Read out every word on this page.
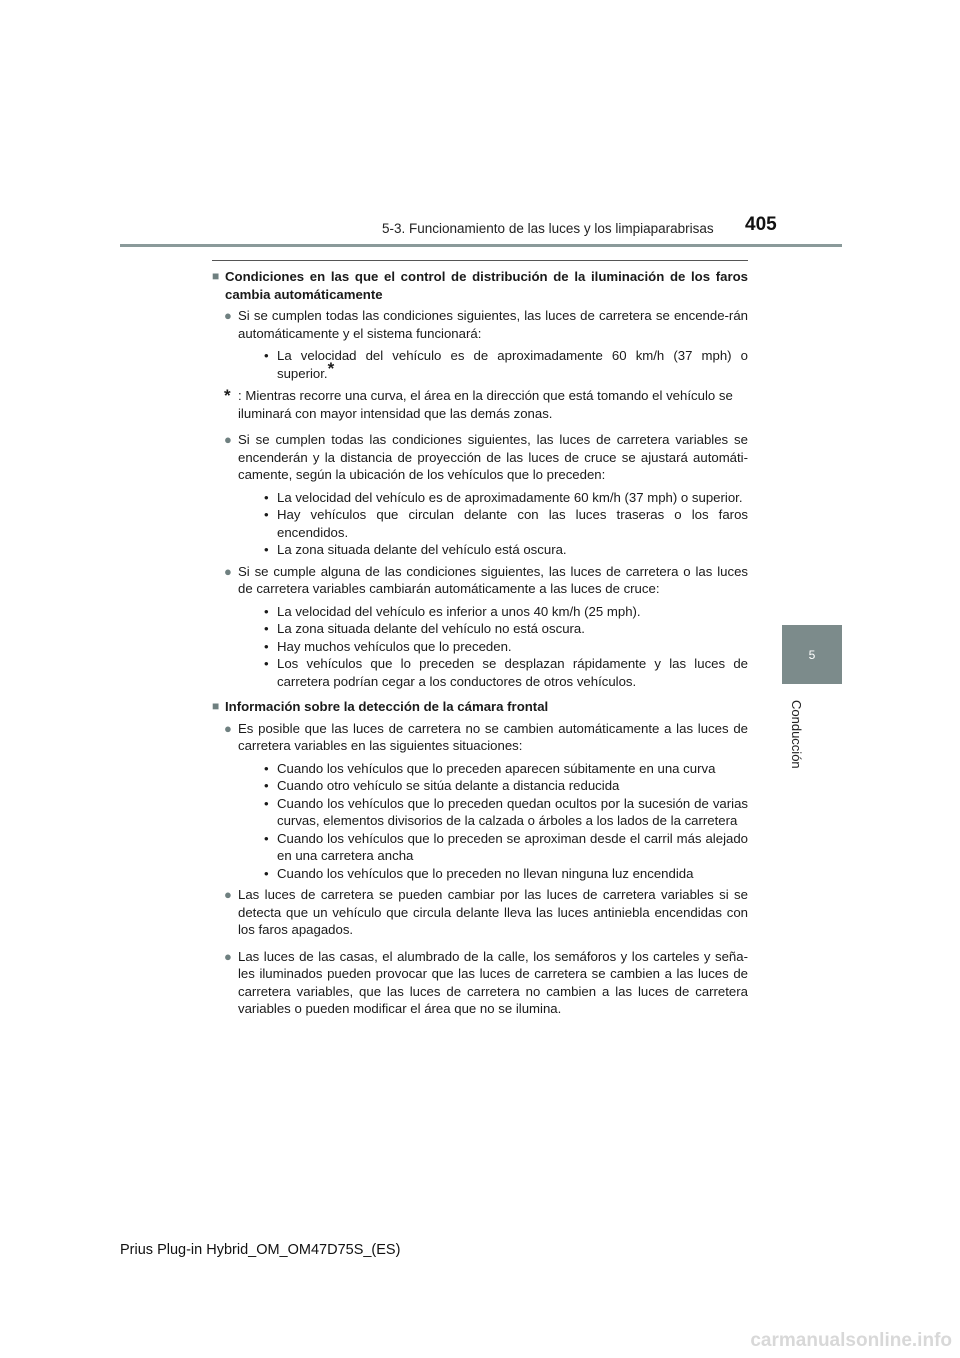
5-3. Funcionamiento de las luces y los limpiaparabrisas 405
5
Conducción
■ Condiciones en las que el control de distribución de la iluminación de los faros cambia automáticamente
● Si se cumplen todas las condiciones siguientes, las luces de carretera se encende-rán automáticamente y el sistema funcionará:
• La velocidad del vehículo es de aproximadamente 60 km/h (37 mph) o superior.*
* : Mientras recorre una curva, el área en la dirección que está tomando el vehículo se iluminará con mayor intensidad que las demás zonas.
● Si se cumplen todas las condiciones siguientes, las luces de carretera variables se encenderán y la distancia de proyección de las luces de cruce se ajustará automáti-camente, según la ubicación de los vehículos que lo preceden:
• La velocidad del vehículo es de aproximadamente 60 km/h (37 mph) o superior.
• Hay vehículos que circulan delante con las luces traseras o los faros encendidos.
• La zona situada delante del vehículo está oscura.
● Si se cumple alguna de las condiciones siguientes, las luces de carretera o las luces de carretera variables cambiarán automáticamente a las luces de cruce:
• La velocidad del vehículo es inferior a unos 40 km/h (25 mph).
• La zona situada delante del vehículo no está oscura.
• Hay muchos vehículos que lo preceden.
• Los vehículos que lo preceden se desplazan rápidamente y las luces de carretera podrían cegar a los conductores de otros vehículos.
■ Información sobre la detección de la cámara frontal
● Es posible que las luces de carretera no se cambien automáticamente a las luces de carretera variables en las siguientes situaciones:
• Cuando los vehículos que lo preceden aparecen súbitamente en una curva
• Cuando otro vehículo se sitúa delante a distancia reducida
• Cuando los vehículos que lo preceden quedan ocultos por la sucesión de varias curvas, elementos divisorios de la calzada o árboles a los lados de la carretera
• Cuando los vehículos que lo preceden se aproximan desde el carril más alejado en una carretera ancha
• Cuando los vehículos que lo preceden no llevan ninguna luz encendida
● Las luces de carretera se pueden cambiar por las luces de carretera variables si se detecta que un vehículo que circula delante lleva las luces antiniebla encendidas con los faros apagados.
● Las luces de las casas, el alumbrado de la calle, los semáforos y los carteles y seña-les iluminados pueden provocar que las luces de carretera se cambien a las luces de carretera variables, que las luces de carretera no cambien a las luces de carretera variables o pueden modificar el área que no se ilumina.
Prius Plug-in Hybrid_OM_OM47D75S_(ES)
carmanualsonline.info
